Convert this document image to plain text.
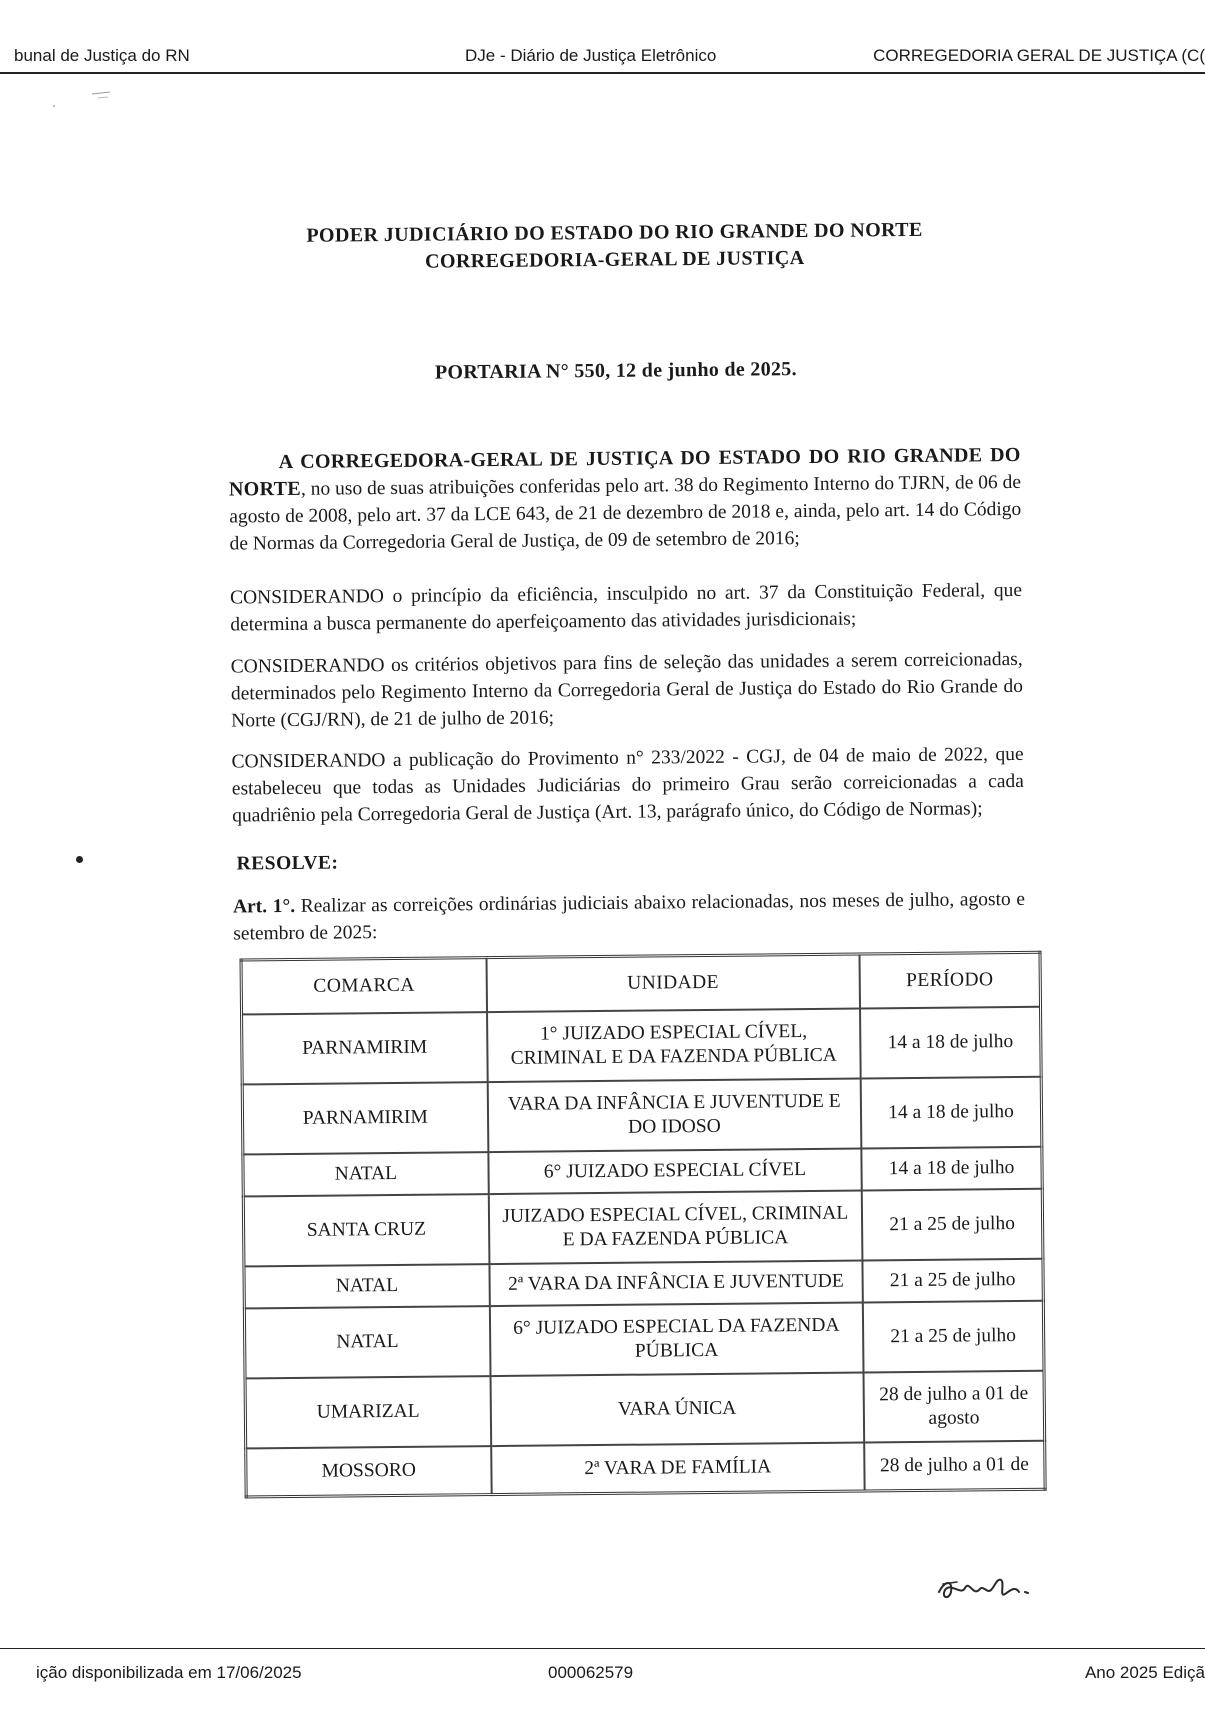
bunal de Justiça do RN	DJe - Diário de Justiça Eletrônico	CORREGEDORIA GERAL DE JUSTIÇA (C(
PODER JUDICIÁRIO DO ESTADO DO RIO GRANDE DO NORTE
CORREGEDORIA-GERAL DE JUSTIÇA
PORTARIA N° 550, 12 de junho de 2025.
A CORREGEDORA-GERAL DE JUSTIÇA DO ESTADO DO RIO GRANDE DO NORTE, no uso de suas atribuições conferidas pelo art. 38 do Regimento Interno do TJRN, de 06 de agosto de 2008, pelo art. 37 da LCE 643, de 21 de dezembro de 2018 e, ainda, pelo art. 14 do Código de Normas da Corregedoria Geral de Justiça, de 09 de setembro de 2016;
CONSIDERANDO o princípio da eficiência, insculpido no art. 37 da Constituição Federal, que determina a busca permanente do aperfeiçoamento das atividades jurisdicionais;
CONSIDERANDO os critérios objetivos para fins de seleção das unidades a serem correicionadas, determinados pelo Regimento Interno da Corregedoria Geral de Justiça do Estado do Rio Grande do Norte (CGJ/RN), de 21 de julho de 2016;
CONSIDERANDO a publicação do Provimento n° 233/2022 - CGJ, de 04 de maio de 2022, que estabeleceu que todas as Unidades Judiciárias do primeiro Grau serão correicionadas a cada quadriênio pela Corregedoria Geral de Justiça (Art. 13, parágrafo único, do Código de Normas);
RESOLVE:
Art. 1°. Realizar as correições ordinárias judiciais abaixo relacionadas, nos meses de julho, agosto e setembro de 2025:
COMARCA	UNIDADE	PERÍODO
PARNAMIRIM	1° JUIZADO ESPECIAL CÍVEL, CRIMINAL E DA FAZENDA PÚBLICA	14 a 18 de julho
PARNAMIRIM	VARA DA INFÂNCIA E JUVENTUDE E DO IDOSO	14 a 18 de julho
NATAL	6° JUIZADO ESPECIAL CÍVEL	14 a 18 de julho
SANTA CRUZ	JUIZADO ESPECIAL CÍVEL, CRIMINAL E DA FAZENDA PÚBLICA	21 a 25 de julho
NATAL	2ª VARA DA INFÂNCIA E JUVENTUDE	21 a 25 de julho
NATAL	6° JUIZADO ESPECIAL DA FAZENDA PÚBLICA	21 a 25 de julho
UMARIZAL	VARA ÚNICA	28 de julho a 01 de agosto
MOSSORO	2ª VARA DE FAMÍLIA	28 de julho a 01 de
ição disponibilizada em 17/06/2025	000062579	Ano 2025 Ediçã
